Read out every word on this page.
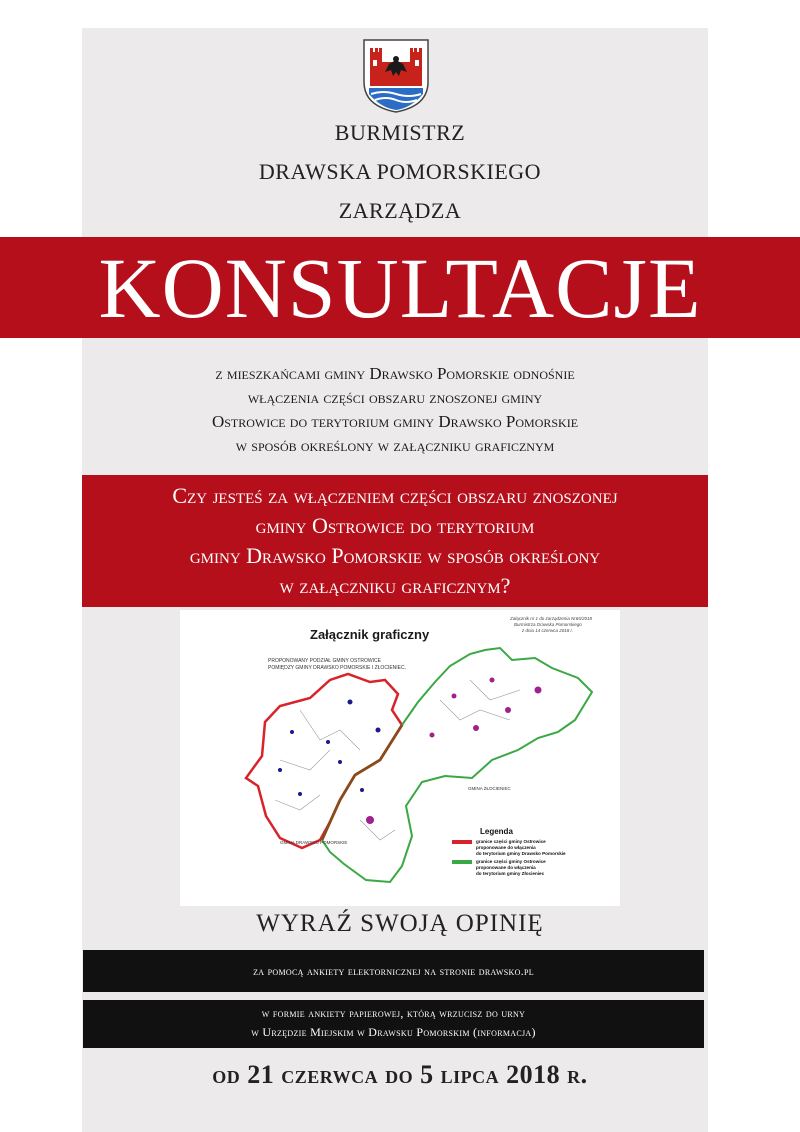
BURMISTRZ
DRAWSKA POMORSKIEGO
ZARZĄDZA
KONSULTACJE
z mieszkańcami gminy Drawsko Pomorskie odnośnie
włączenia części obszaru znoszonej gminy
Ostrowice do terytorium gminy Drawsko Pomorskie
w sposób określony w załączniku graficznym
Czy jesteś za włączeniem części obszaru znoszonej
gminy Ostrowice do terytorium
gminy Drawsko Pomorskie w sposób określony
w załączniku graficznym?
Załącznik graficzny
Załącznik nr 1 do zarządzenia Nr65/2018
Burmistrza Drawska Pomorskiego
z dnia 14 czerwca 2018 r.
PROPONOWANY PODZIAŁ GMINY OSTROWICE
POMIĘDZY GMINY DRAWSKO POMORSKIE I ZŁOCIENIEC.
GMINA DRAWSKO POMORSKIE
GMINA ZŁOCIENIEC
Legenda
granice części gminy Ostrowice
proponowane do włączenia
do terytorium gminy Drawsko Pomorskie
granice części gminy Ostrowice
proponowane do włączenia
do terytorium gminy Złocieniec
WYRAŹ SWOJĄ OPINIĘ
za pomocą ankiety elektornicznej na stronie drawsko.pl
w formie ankiety papierowej, którą wrzucisz do urny
w Urzędzie Miejskim w Drawsku Pomorskim (informacja)
od 21 czerwca do 5 lipca 2018 r.
